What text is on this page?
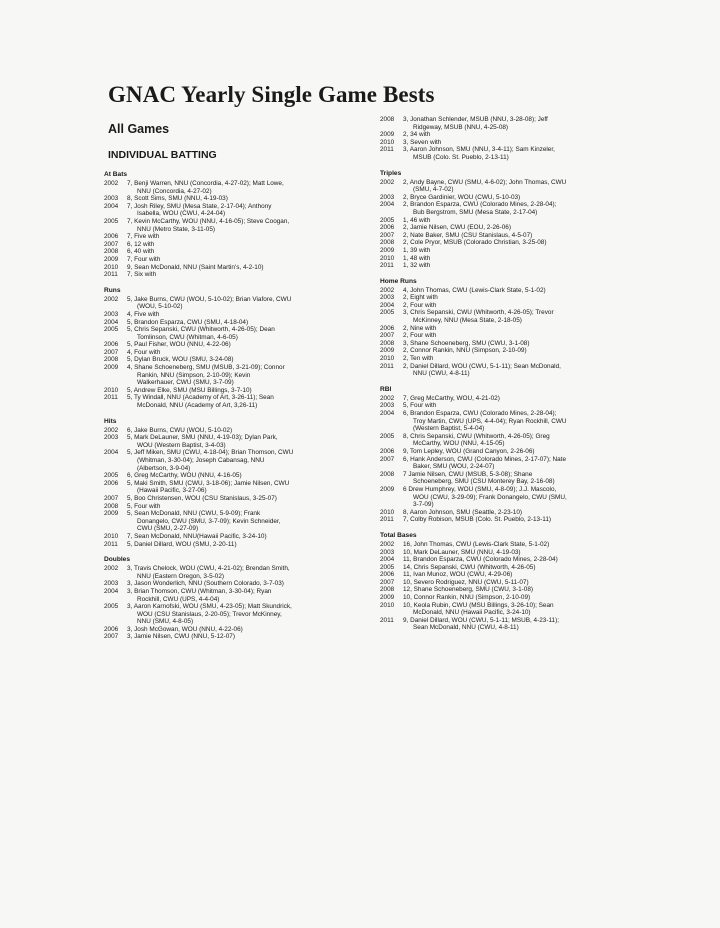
GNAC Yearly Single Game Bests
All Games
INDIVIDUAL BATTING
At Bats
2002	7, Benji Warren, NNU (Concordia, 4-27-02); Matt Lowe,
NNU (Concordia, 4-27-02)
2003	8, Scott Sims, SMU (NNU, 4-19-03)
2004	7, Josh Riley, SMU (Mesa State, 2-17-04); Anthony
Isabella, WOU (CWU, 4-24-04)
2005	7, Kevin McCarthy, WOU (NNU, 4-16-05); Steve Coogan,
NNU (Metro State, 3-11-05)
2006	7, Five with
2007	6, 12 with
2008	6, 40 with
2009	7, Four with
2010	9, Sean McDonald, NNU (Saint Martin's, 4-2-10)
2011	7, Six with
Runs
2002	5, Jake Burns, CWU (WOU, 5-10-02); Brian Viafore, CWU
(WOU, 5-10-02)
2003	4, Five with
2004	5, Brandon Esparza, CWU (SMU, 4-18-04)
2005	5, Chris Sepanski, CWU (Whitworth, 4-26-05); Dean
Tomlinson, CWU (Whitman, 4-6-05)
2006	5, Paul Fisher, WOU (NNU, 4-22-06)
2007	4, Four with
2008	5, Dylan Bruck, WOU (SMU, 3-24-08)
2009	4, Shane Schoeneberg, SMU (MSUB, 3-21-09); Connor
Rankin, NNU (Simpson, 2-10-09); Kevin
Walkerhauer, CWU (SMU, 3-7-09)
2010	5, Andrew Elke, SMU (MSU Billings, 3-7-10)
2011	5, Ty Windall, NNU (Academy of Art, 3-26-11); Sean
McDonald, NNU (Academy of Art, 3,26-11)
Hits
2002	6, Jake Burns, CWU (WOU, 5-10-02)
2003	5, Mark DeLauner, SMU (NNU, 4-19-03); Dylan Park,
WOU (Western Baptist, 3-4-03)
2004	5, Jeff Miken, SMU (CWU, 4-18-04); Brian Thomson, CWU
(Whitman, 3-30-04); Joseph Cabansag, NNU
(Albertson, 3-9-04)
2005	6, Greg McCarthy, WOU (NNU, 4-16-05)
2006	5, Maki Smith, SMU (CWU, 3-18-06); Jamie Nilsen, CWU
(Hawaii Pacific, 3-27-06)
2007	5, Boo Christensen, WOU (CSU Stanislaus, 3-25-07)
2008	5, Four with
2009	5, Sean McDonald, NNU (CWU, 5-9-09); Frank
Donangelo, CWU (SMU, 3-7-09); Kevin Schneider,
CWU (SMU, 2-27-09)
2010	7, Sean McDonald, NNU(Hawaii Pacific, 3-24-10)
2011	5, Daniel Dillard, WOU (SMU, 2-20-11)
Doubles
2002	3, Travis Chelock, WOU (CWU, 4-21-02); Brendan Smith,
NNU (Eastern Oregon, 3-5-02)
2003	3, Jason Wonderlich, NNU (Southern Colorado, 3-7-03)
2004	3, Brian Thomson, CWU (Whitman, 3-30-04); Ryan
Rockhill, CWU (UPS, 4-4-04)
2005	3, Aaron Karnofski, WOU (SMU, 4-23-05); Matt Skundrick,
WOU (CSU Stanislaus, 2-20-05); Trevor McKinney,
NNU (SMU, 4-8-05)
2006	3, Josh McGowan, WOU (NNU, 4-22-06)
2007	3, Jamie Nilsen, CWU (NNU, 5-12-07)
2008	3, Jonathan Schlender, MSUB (NNU, 3-28-08); Jeff
Ridgeway, MSUB (NNU, 4-25-08)
2009	2, 34 with
2010	3, Seven with
2011	3, Aaron Johnson, SMU (NNU, 3-4-11); Sam Kinzeler,
MSUB (Colo. St. Pueblo, 2-13-11)
Triples
2002	2, Andy Bayne, CWU (SMU, 4-6-02); John Thomas, CWU
(SMU, 4-7-02)
2003	2, Bryce Gardinier, WOU (CWU, 5-10-03)
2004	2, Brandon Esparza, CWU (Colorado Mines, 2-28-04);
Bub Bergstrom, SMU (Mesa State, 2-17-04)
2005	1, 46 with
2006	2, Jamie Nilsen, CWU (EOU, 2-26-06)
2007	2, Nate Baker, SMU (CSU Stanislaus, 4-5-07)
2008	2, Cole Pryor, MSUB (Colorado Christian, 3-25-08)
2009	1, 39 with
2010	1, 48 with
2011	1, 32 with
Home Runs
2002	4, John Thomas, CWU (Lewis-Clark State, 5-1-02)
2003	2, Eight with
2004	2, Four with
2005	3, Chris Sepanski, CWU (Whitworth, 4-26-05); Trevor
McKinney, NNU (Mesa State, 2-18-05)
2006	2, Nine with
2007	2, Four with
2008	3, Shane Schoeneberg, SMU (CWU, 3-1-08)
2009	2, Connor Rankin, NNU (Simpson, 2-10-09)
2010	2, Ten with
2011	2, Daniel Dillard, WOU (CWU, 5-1-11); Sean McDonald,
NNU (CWU, 4-8-11)
RBI
2002	7, Greg McCarthy, WOU, 4-21-02)
2003	5, Four with
2004	6, Brandon Esparza, CWU (Colorado Mines, 2-28-04);
Troy Martin, CWU (UPS, 4-4-04); Ryan Rockhill, CWU
(Western Baptist, 5-4-04)
2005	8, Chris Sepanski, CWU (Whitworth, 4-26-05); Greg
McCarthy, WOU (NNU, 4-15-05)
2006	9, Tom Lepley, WOU (Grand Canyon, 2-26-06)
2007	6, Hank Anderson, CWU (Colorado Mines, 2-17-07); Nate
Baker, SMU (WOU, 2-24-07)
2008	7 Jamie Nilsen, CWU (MSUB, 5-3-08); Shane
Schoeneberg, SMU (CSU Monterey Bay, 2-16-08)
2009	6 Drew Humphrey, WOU (SMU, 4-8-09); J.J. Mascolo,
WOU (CWU, 3-29-09); Frank Donangelo, CWU (SMU,
3-7-09)
2010	8, Aaron Johnson, SMU (Seattle, 2-23-10)
2011	7, Colby Robison, MSUB (Colo. St. Pueblo, 2-13-11)
Total Bases
2002	16, John Thomas, CWU (Lewis-Clark State, 5-1-02)
2003	10, Mark DeLauner, SMU (NNU, 4-19-03)
2004	11, Brandon Esparza, CWU (Colorado Mines, 2-28-04)
2005	14, Chris Sepanski, CWU (Whitworth, 4-26-05)
2006	11, Ivan Munoz, WOU (CWU, 4-29-06)
2007	10, Severo Rodriguez, NNU (CWU, 5-11-07)
2008	12, Shane Schoeneberg, SMU (CWU, 3-1-08)
2009	10, Connor Rankin, NNU (Simpson, 2-10-09)
2010	10, Keola Rubin, CWU (MSU Billings, 3-26-10); Sean
McDonald, NNU (Hawaii Pacific, 3-24-10)
2011	9, Daniel Dillard, WOU (CWU, 5-1-11; MSUB, 4-23-11);
Sean McDonald, NNU (CWU, 4-8-11)
